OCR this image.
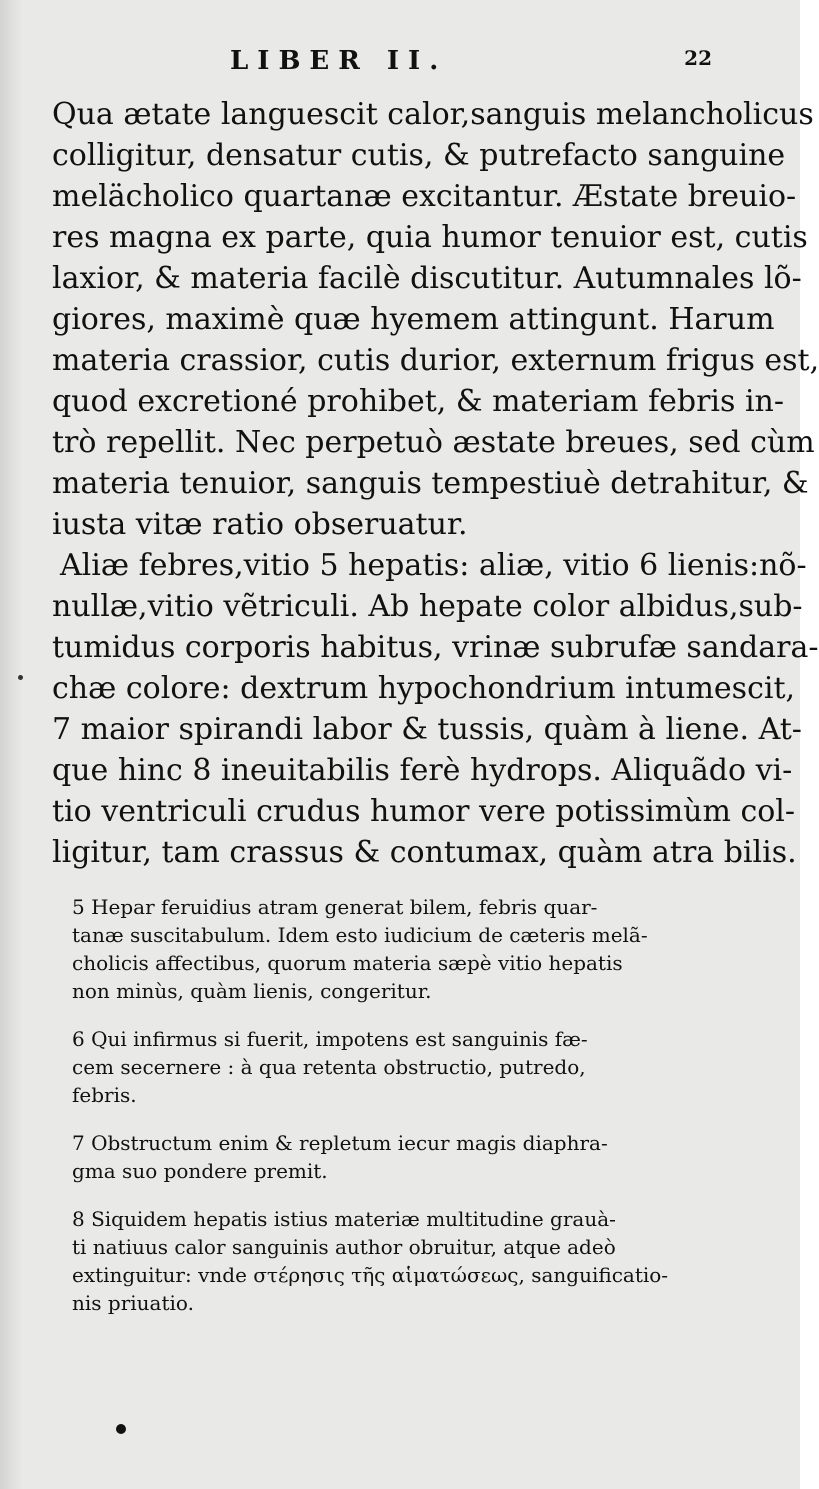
LIBER II.	22
Qua ætate languescit calor,sanguis melancholicus
colligitur, densatur cutis, & putrefacto sanguine
melächolico quartanæ excitantur. Æstate breuio-
res magna ex parte, quia humor tenuior est, cutis
laxior, & materia facilè discutitur. Autumnales lõ-
giores, maximè quæ hyemem attingunt. Harum
materia crassior, cutis durior, externum frigus est,
quod excretioné prohibet, & materiam febris in-
trò repellit. Nec perpetuò æstate breues, sed cùm
materia tenuior, sanguis tempestiuè detrahitur, &
iusta vitæ ratio obseruatur.
Aliæ febres,vitio 5 hepatis: aliæ, vitio 6 lienis:nõ-
nullæ,vitio vẽtriculi. Ab hepate color albidus,sub-
tumidus corporis habitus, vrinæ subrufæ sandara-
chæ colore: dextrum hypochondrium intumescit,
7 maior spirandi labor & tussis, quàm à liene. At-
que hinc 8 ineuitabilis ferè hydrops. Aliquãdo vi-
tio ventriculi crudus humor vere potissimùm col-
ligitur, tam crassus & contumax, quàm atra bilis.
5 Hepar feruidius atram generat bilem, febris quar-
tanæ suscitabulum. Idem esto iudicium de cæteris melã-
cholicis affectibus, quorum materia sæpè vitio hepatis
non minùs, quàm lienis, congeritur.
6 Qui infirmus si fuerit, impotens est sanguinis fæ-
cem secernere : à qua retenta obstructio, putredo,
febris.
7 Obstructum enim & repletum iecur magis diaphra-
gma suo pondere premit.
8 Siquidem hepatis istius materiæ multitudine grauà-
ti natiuus calor sanguinis author obruitur, atque adeò
extinguitur: vnde στέρησις τῆς αἱματώσεως, sanguificatio-
nis priuatio.
